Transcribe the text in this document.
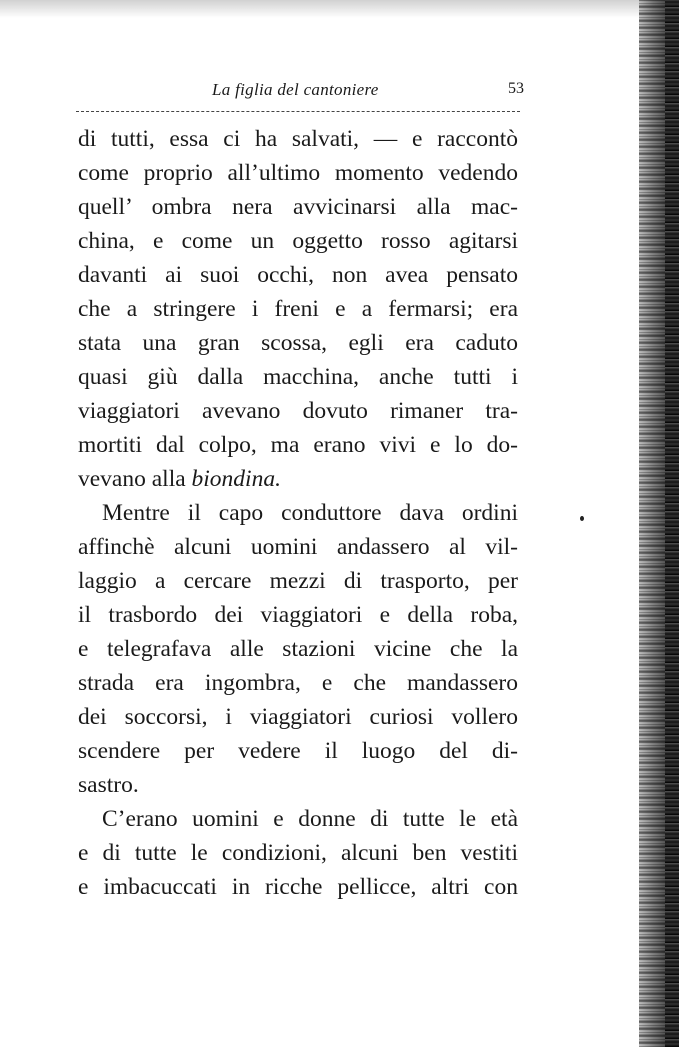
La figlia del cantoniere	53
di tutti, essa ci ha salvati, — e raccontò
come proprio all’ultimo momento vedendo
quell’ ombra nera avvicinarsi alla mac-
china, e come un oggetto rosso agitarsi
davanti ai suoi occhi, non avea pensato
che a stringere i freni e a fermarsi; era
stata una gran scossa, egli era caduto
quasi giù dalla macchina, anche tutti i
viaggiatori avevano dovuto rimaner tra-
mortiti dal colpo, ma erano vivi e lo do-
vevano alla biondina.
Mentre il capo conduttore dava ordini
affinchè alcuni uomini andassero al vil-
laggio a cercare mezzi di trasporto, per
il trasbordo dei viaggiatori e della roba,
e telegrafava alle stazioni vicine che la
strada era ingombra, e che mandassero
dei soccorsi, i viaggiatori curiosi vollero
scendere per vedere il luogo del di-
sastro.
C’erano uomini e donne di tutte le età
e di tutte le condizioni, alcuni ben vestiti
e imbacuccati in ricche pellicce, altri con
